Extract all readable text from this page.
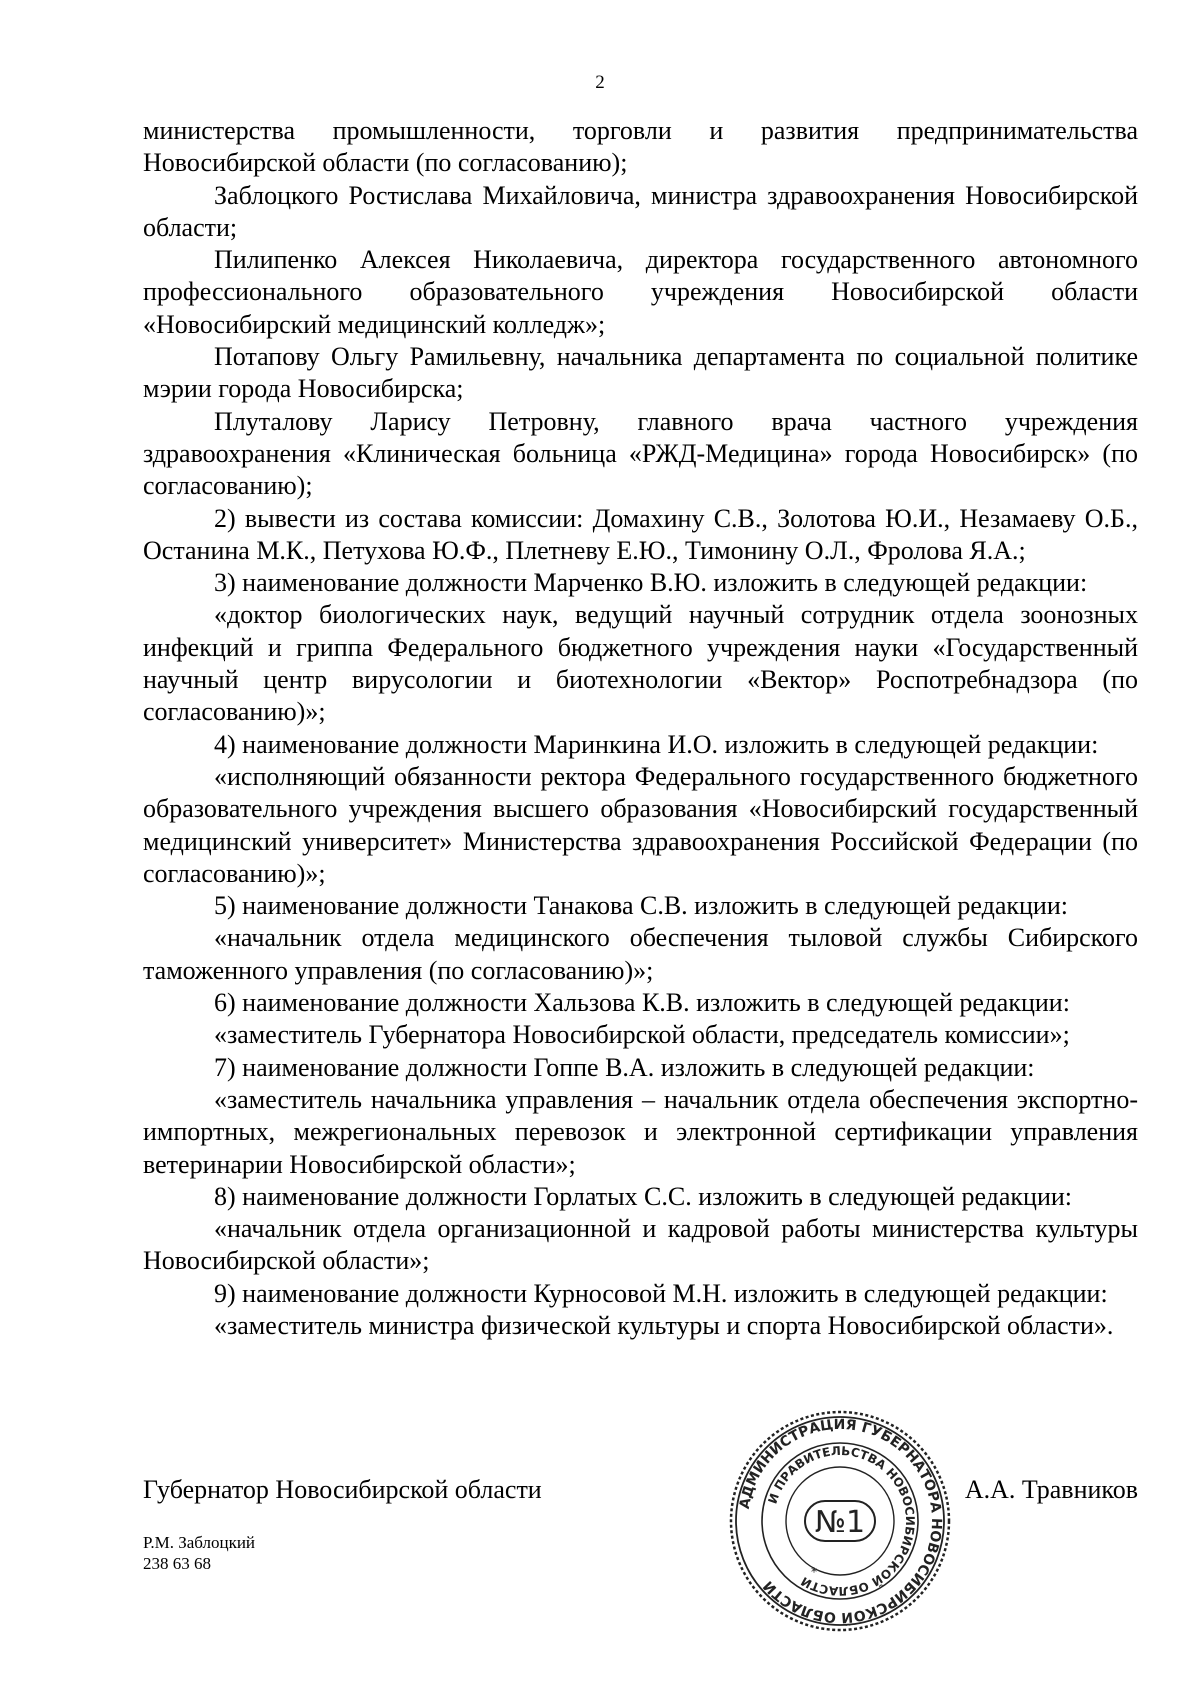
2

министерства промышленности, торговли и развития предпринимательства Новосибирской области (по согласованию);

Заблоцкого Ростислава Михайловича, министра здравоохранения Новосибирской области;

Пилипенко Алексея Николаевича, директора государственного автономного профессионального образовательного учреждения Новосибирской области «Новосибирский медицинский колледж»;

Потапову Ольгу Рамильевну, начальника департамента по социальной политике мэрии города Новосибирска;

Плуталову Ларису Петровну, главного врача частного учреждения здравоохранения «Клиническая больница «РЖД-Медицина» города Новосибирск» (по согласованию);

2) вывести из состава комиссии: Домахину С.В., Золотова Ю.И., Незамаеву О.Б., Останина М.К., Петухова Ю.Ф., Плетневу Е.Ю., Тимонину О.Л., Фролова Я.А.;

3) наименование должности Марченко В.Ю. изложить в следующей редакции:

«доктор биологических наук, ведущий научный сотрудник отдела зоонозных инфекций и гриппа Федерального бюджетного учреждения науки «Государственный научный центр вирусологии и биотехнологии «Вектор» Роспотребнадзора (по согласованию)»;

4) наименование должности Маринкина И.О. изложить в следующей редакции:

«исполняющий обязанности ректора Федерального государственного бюджетного образовательного учреждения высшего образования «Новосибирский государственный медицинский университет» Министерства здравоохранения Российской Федерации (по согласованию)»;

5) наименование должности Танакова С.В. изложить в следующей редакции:

«начальник отдела медицинского обеспечения тыловой службы Сибирского таможенного управления (по согласованию)»;

6) наименование должности Хальзова К.В. изложить в следующей редакции:

«заместитель Губернатора Новосибирской области, председатель комиссии»;

7) наименование должности Гоппе В.А. изложить в следующей редакции:

«заместитель начальника управления – начальник отдела обеспечения экспортно-импортных, межрегиональных перевозок и электронной сертификации управления ветеринарии Новосибирской области»;

8) наименование должности Горлатых С.С. изложить в следующей редакции:

«начальник отдела организационной и кадровой работы министерства культуры Новосибирской области»;

9) наименование должности Курносовой М.Н. изложить в следующей редакции:

«заместитель министра физической культуры и спорта Новосибирской области».

Губернатор Новосибирской области	А.А. Травников
АДМИНИСТРАЦИЯ ГУБЕРНАТОРА НОВОСИБИРСКОЙ ОБЛАСТИ
И ПРАВИТЕЛЬСТВА НОВОСИБИРСКОЙ ОБЛАСТИ
№1
*
Р.М. Заблоцкий
238 63 68
